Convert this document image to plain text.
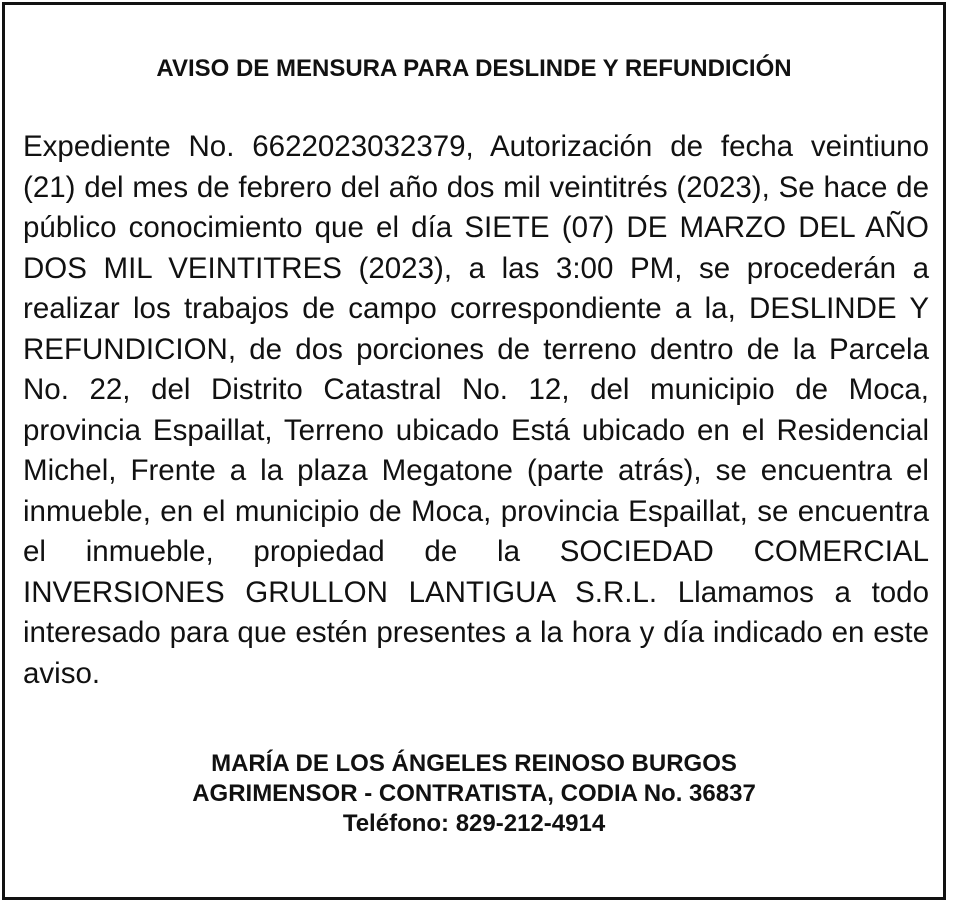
AVISO DE MENSURA PARA DESLINDE Y REFUNDICIÓN

Expediente No. 6622023032379, Autorización de fecha veintiuno (21) del mes de febrero del año dos mil veintitrés (2023), Se hace de público conocimiento que el día SIETE (07) DE MARZO DEL AÑO DOS MIL VEINTITRES (2023), a las 3:00 PM, se procederán a realizar los trabajos de campo correspondiente a la, DESLINDE Y REFUNDICION, de dos porciones de terreno dentro de la Parcela No. 22, del Distrito Catastral No. 12, del municipio de Moca, provincia Espaillat, Terreno ubicado Está ubicado en el Residencial Michel, Frente a la plaza Megatone (parte atrás), se encuentra el inmueble, en el municipio de Moca, provincia Espaillat, se encuentra el inmueble, propiedad de la SOCIEDAD COMERCIAL INVERSIONES GRULLON LANTIGUA S.R.L. Llamamos a todo interesado para que estén presentes a la hora y día indicado en este aviso.

MARÍA DE LOS ÁNGELES REINOSO BURGOS
AGRIMENSOR - CONTRATISTA, CODIA No. 36837
Teléfono: 829-212-4914
